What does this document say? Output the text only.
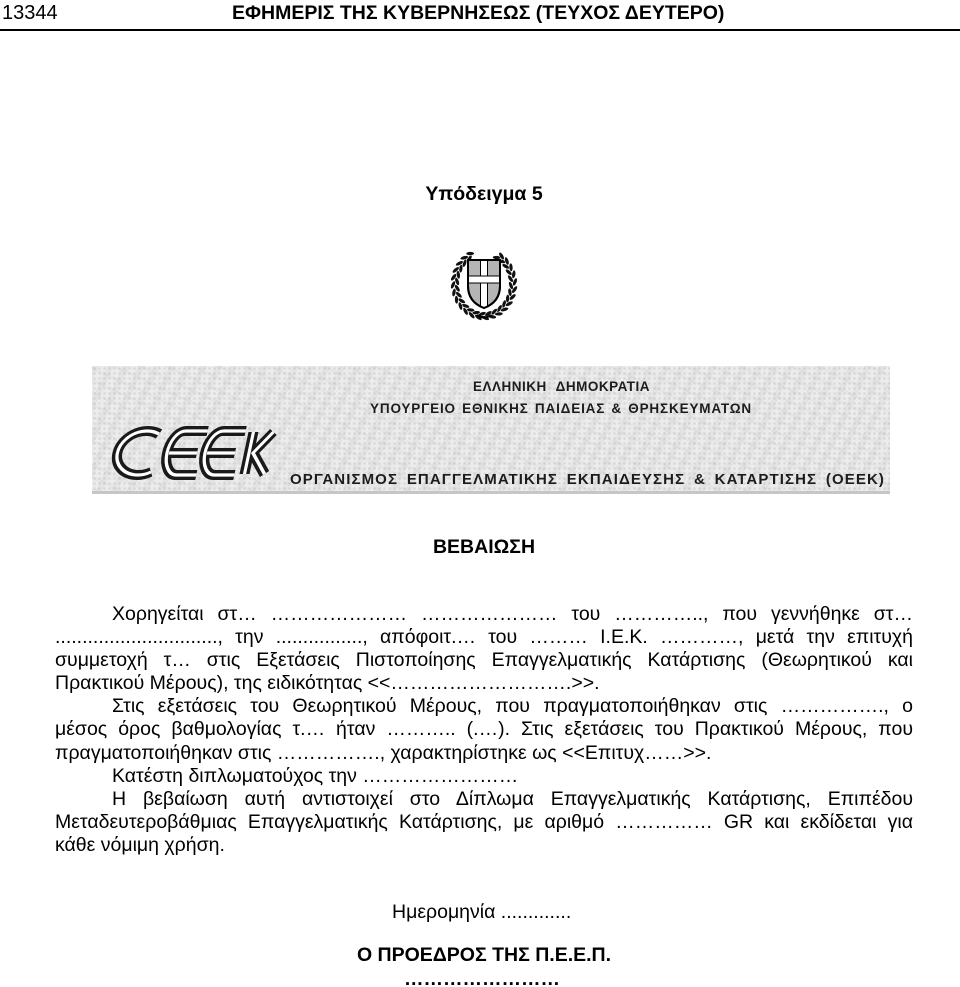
13344	ΕΦΗΜΕΡΙΣ ΤΗΣ ΚΥΒΕΡΝΗΣΕΩΣ (ΤΕΥΧΟΣ ΔΕΥΤΕΡΟ)
Υπόδειγμα 5
ΕΛΛΗΝΙΚΗ ΔΗΜΟΚΡΑΤΙΑ
ΥΠΟΥΡΓΕΙΟ ΕΘΝΙΚΗΣ ΠΑΙΔΕΙΑΣ & ΘΡΗΣΚΕΥΜΑΤΩΝ
ΟΡΓΑΝΙΣΜΟΣ ΕΠΑΓΓΕΛΜΑΤΙΚΗΣ ΕΚΠΑΙΔΕΥΣΗΣ & ΚΑΤΑΡΤΙΣΗΣ (ΟΕΕΚ)
ΒΕΒΑΙΩΣΗ
Χορηγείται στ… ………………… ………………… του ………….., που γεννήθηκε στ…
.............................., την ................, απόφοιτ.… του ……… Ι.Ε.Κ. …………, μετά την επιτυχή
συμμετοχή τ… στις Εξετάσεις Πιστοποίησης Επαγγελματικής Κατάρτισης (Θεωρητικού και
Πρακτικού Μέρους), της ειδικότητας <<……………………….>>.
Στις εξετάσεις του Θεωρητικού Μέρους, που πραγματοποιήθηκαν στις ……………., ο
μέσος όρος βαθμολογίας τ.… ήταν ……….. (.…). Στις εξετάσεις του Πρακτικού Μέρους, που
πραγματοποιήθηκαν στις ……………., χαρακτηρίστηκε ως <<Επιτυχ……>>.
Κατέστη διπλωματούχος την ……………………
Η βεβαίωση αυτή αντιστοιχεί στο Δίπλωμα Επαγγελματικής Κατάρτισης, Επιπέδου
Μεταδευτεροβάθμιας Επαγγελματικής Κατάρτισης, με αριθμό …………… GR και εκδίδεται για
κάθε νόμιμη χρήση.
Ημερομηνία .............
Ο ΠΡΟΕΔΡΟΣ ΤΗΣ Π.Ε.Ε.Π.
……………………
